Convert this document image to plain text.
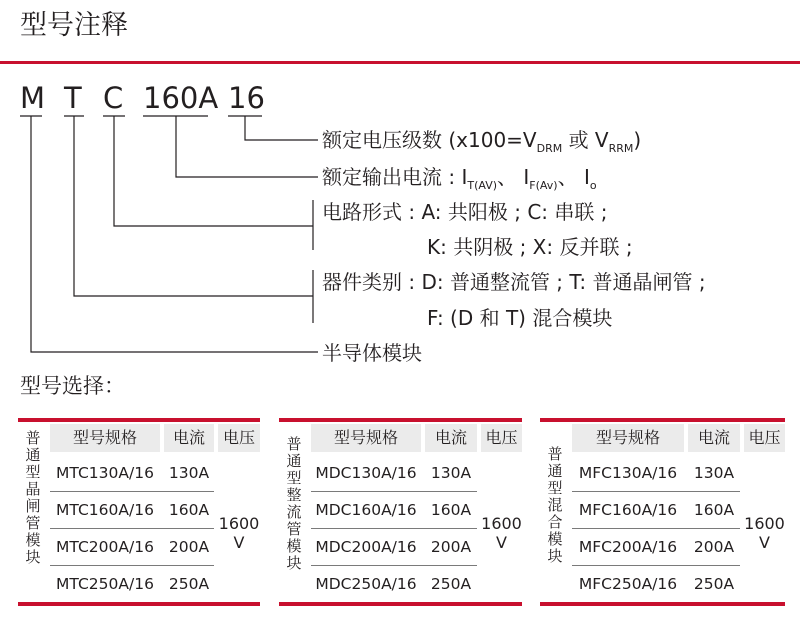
型号注释
M T C 160A 16
额定电压级数 ($x100=V_{DRM}$ 或 $V_{RRM}$)
额定输出电流 : $I_{T(AV)}$、 $I_{F(Av)}$、 $I_o$
电路形式 : A: 共阳极 ; C: 串联 ;
K: 共阴极 ; X: 反并联 ;
器件类别 : D: 普通整流管 ; T: 普通晶闸管 ;
F: (D 和 T) 混合模块
半导体模块
型号选择：
普
通
型
晶
闸
管
模
块
型号规格	电流	电压
MTC130A/16 130A
MTC160A/16 160A
MTC200A/16 200A
MTC250A/16 250A
1600
V
普
通
型
整
流
管
模
块
型号规格	电流	电压
MDC130A/16 130A
MDC160A/16 160A
MDC200A/16 200A
MDC250A/16 250A
1600
V
普
通
型
混
合
模
块
型号规格	电流	电压
MFC130A/16	130A
MFC160A/16	160A
MFC200A/16	200A
MFC250A/16	250A
1600
V
